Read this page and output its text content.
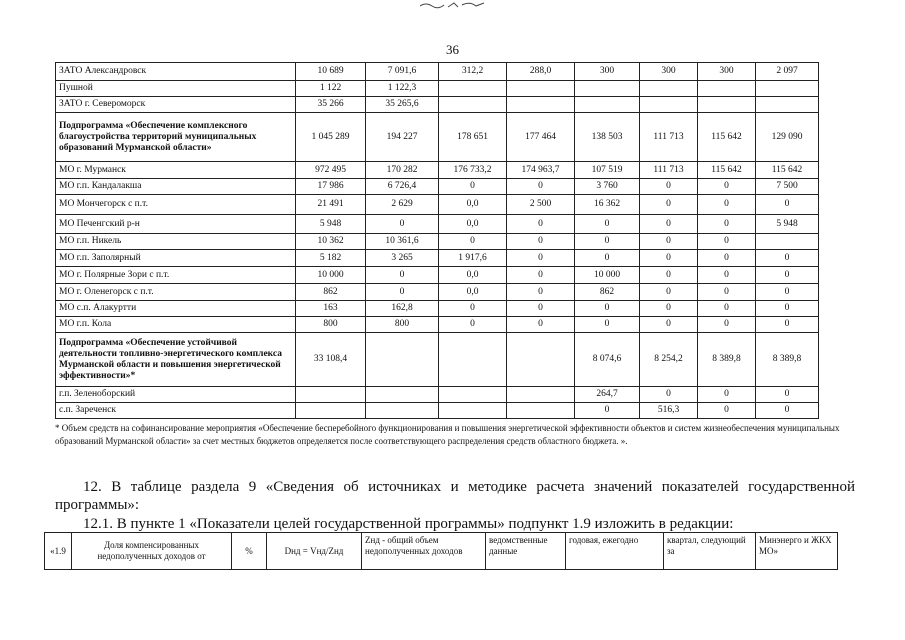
36
ЗАТО Александровск	10 689	7 091,6	312,2	288,0	300	300	300	2 097
Пушной	1 122	1 122,3						
ЗАТО г. Североморск	35 266	35 265,6						
Подпрограмма «Обеспечение комплексного благоустройства территорий муниципальных образований Мурманской области»	1 045 289	194 227	178 651	177 464	138 503	111 713	115 642	129 090
МО г. Мурманск	972 495	170 282	176 733,2	174 963,7	107 519	111 713	115 642	115 642
МО г.п. Кандалакша	17 986	6 726,4	0	0	3 760	0	0	7 500
МО Мончегорск с п.т.	21 491	2 629	0,0	2 500	16 362	0	0	0
МО Печенгский р-н	5 948	0	0,0	0	0	0	0	5 948
МО г.п. Никель	10 362	10 361,6	0	0	0	0	0	
МО г.п. Заполярный	5 182	3 265	1 917,6	0	0	0	0	0
МО г. Полярные Зори с п.т.	10 000	0	0,0	0	10 000	0	0	0
МО г. Оленегорск с п.т.	862	0	0,0	0	862	0	0	0
МО с.п. Алакуртти	163	162,8	0	0	0	0	0	0
МО г.п. Кола	800	800	0	0	0	0	0	0
Подпрограмма «Обеспечение устойчивой деятельности топливно-энергетического комплекса Мурманской области и повышения энергетической эффективности»*	33 108,4				8 074,6	8 254,2	8 389,8	8 389,8
г.п. Зеленоборский					264,7	0	0	0
с.п. Зареченск					0	516,3	0	0
* Объем средств на софинансирование мероприятия «Обеспечение бесперебойного функционирования и повышения энергетической эффективности объектов и систем жизнеобеспечения муниципальных образований Мурманской области» за счет местных бюджетов определяется после соответствующего распределения средств областного бюджета. ».
12. В таблице раздела 9 «Сведения об источниках и методике расчета значений показателей государственной программы»:
12.1. В пункте 1 «Показатели целей государственной программы» подпункт 1.9 изложить в редакции:
«1.9	Доля компенсированных недополученных доходов от	%	Dнд = Vнд/Zнд	Zнд - общий объем недополученных доходов	ведомственные данные	годовая, ежегодно	квартал, следующий за	Минэнерго и ЖКХ МО»
